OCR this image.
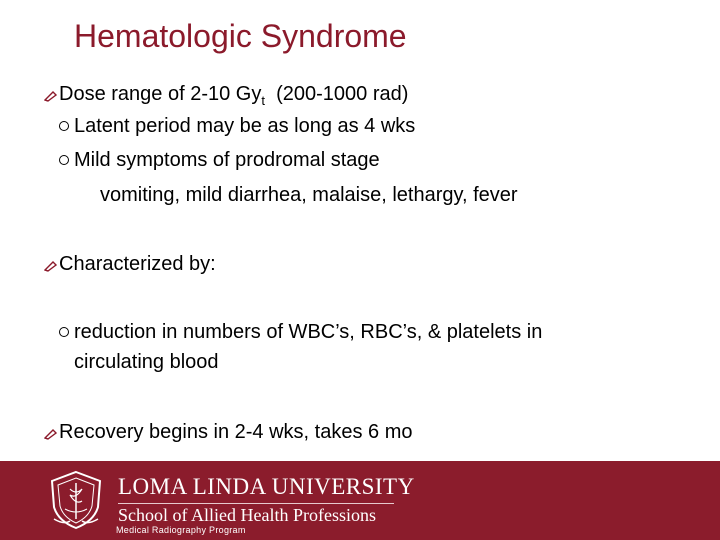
Hematologic Syndrome
Dose range of 2-10 $Gy_t$  (200-1000 rad)
Latent period may be as long as 4 wks
Mild symptoms of prodromal stage
vomiting, mild diarrhea, malaise, lethargy, fever
Characterized by:
reduction in numbers of WBC’s, RBC’s, & platelets in
circulating blood
Recovery begins in 2-4 wks, takes 6 mo
LOMA LINDA UNIVERSITY
School of Allied Health Professions
Medical Radiography Program
